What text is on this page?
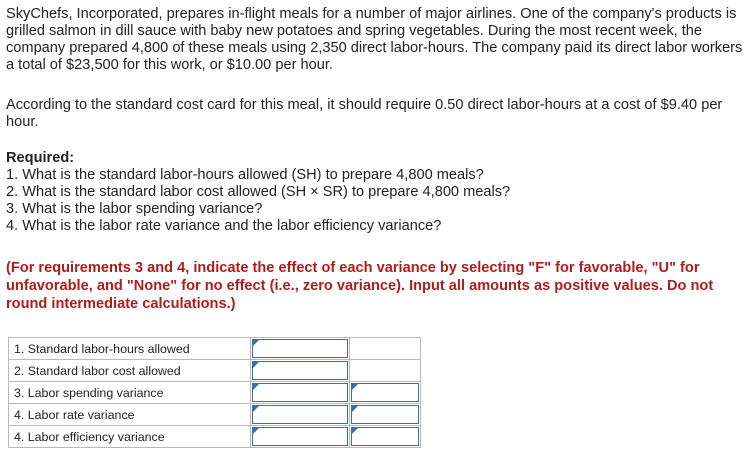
SkyChefs, Incorporated, prepares in-flight meals for a number of major airlines. One of the company's products is grilled salmon in dill sauce with baby new potatoes and spring vegetables. During the most recent week, the company prepared 4,800 of these meals using 2,350 direct labor-hours. The company paid its direct labor workers a total of $23,500 for this work, or $10.00 per hour.

According to the standard cost card for this meal, it should require 0.50 direct labor-hours at a cost of $9.40 per hour.

Required:

1. What is the standard labor-hours allowed (SH) to prepare 4,800 meals?
2. What is the standard labor cost allowed (SH × SR) to prepare 4,800 meals?
3. What is the labor spending variance?
4. What is the labor rate variance and the labor efficiency variance?

(For requirements 3 and 4, indicate the effect of each variance by selecting "F" for favorable, "U" for unfavorable, and "None" for no effect (i.e., zero variance). Input all amounts as positive values. Do not round intermediate calculations.)

1. Standard labor-hours allowed	

2. Standard labor cost allowed	

3. Labor spending variance	

4. Labor rate variance	

4. Labor efficiency variance	
